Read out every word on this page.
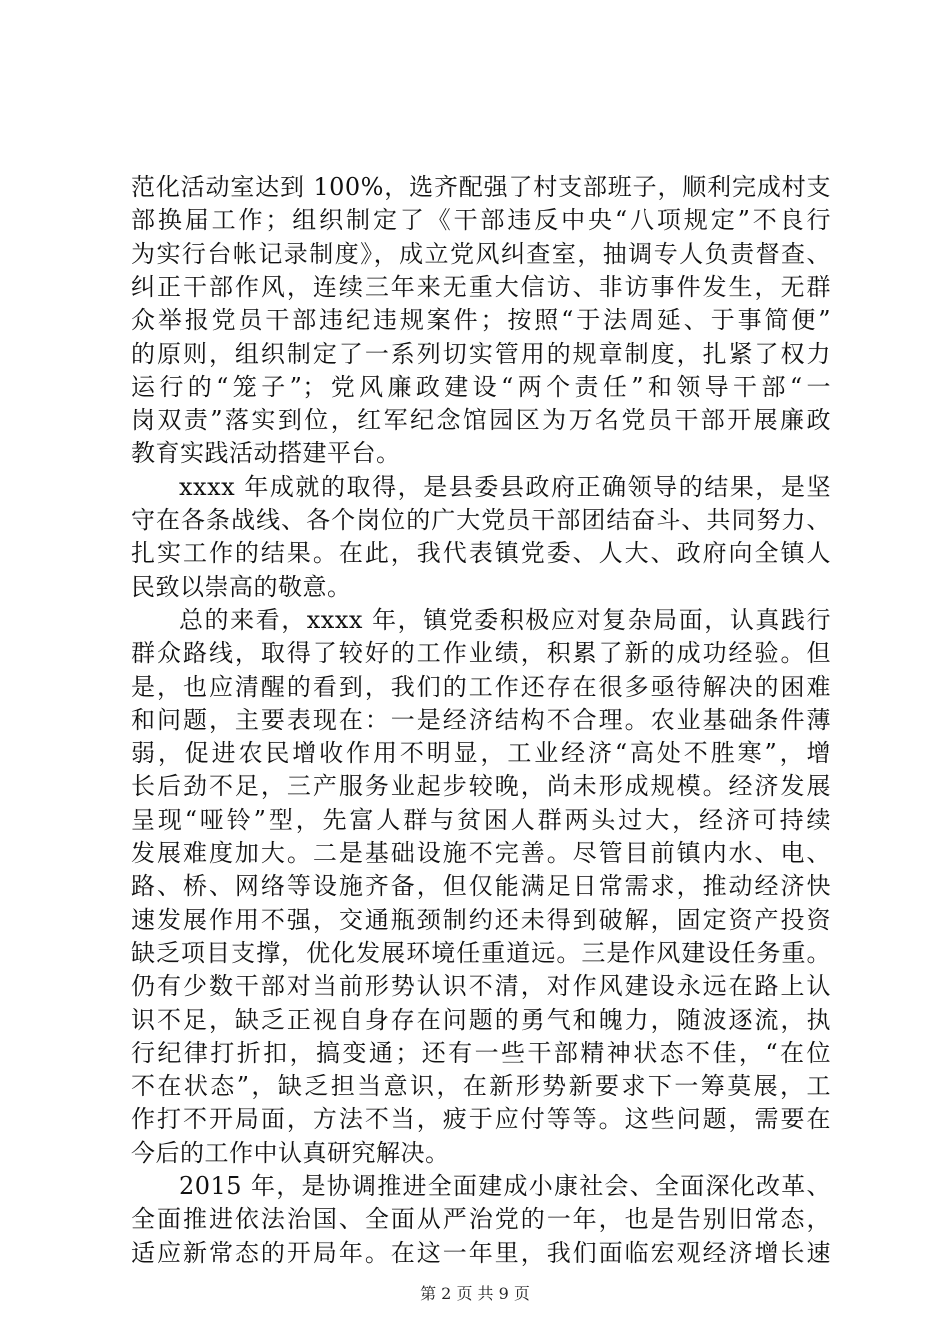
范化活动室达到 100%，选齐配强了村支部班子，顺利完成村支
部换届工作；组织制定了《干部违反中央“八项规定”不良行
为实行台帐记录制度》，成立党风纠查室，抽调专人负责督查、
纠正干部作风，连续三年来无重大信访、非访事件发生，无群
众举报党员干部违纪违规案件；按照“于法周延、于事简便”
的原则，组织制定了一系列切实管用的规章制度，扎紧了权力
运行的“笼子”；党风廉政建设“两个责任”和领导干部“一
岗双责”落实到位，红军纪念馆园区为万名党员干部开展廉政
教育实践活动搭建平台。
xxxx 年成就的取得，是县委县政府正确领导的结果，是坚
守在各条战线、各个岗位的广大党员干部团结奋斗、共同努力、
扎实工作的结果。在此，我代表镇党委、人大、政府向全镇人
民致以崇高的敬意。
总的来看，xxxx 年，镇党委积极应对复杂局面，认真践行
群众路线，取得了较好的工作业绩，积累了新的成功经验。但
是，也应清醒的看到，我们的工作还存在很多亟待解决的困难
和问题，主要表现在：一是经济结构不合理。农业基础条件薄
弱，促进农民增收作用不明显，工业经济“高处不胜寒”，增
长后劲不足，三产服务业起步较晚，尚未形成规模。经济发展
呈现“哑铃”型，先富人群与贫困人群两头过大，经济可持续
发展难度加大。二是基础设施不完善。尽管目前镇内水、电、
路、桥、网络等设施齐备，但仅能满足日常需求，推动经济快
速发展作用不强，交通瓶颈制约还未得到破解，固定资产投资
缺乏项目支撑，优化发展环境任重道远。三是作风建设任务重。
仍有少数干部对当前形势认识不清，对作风建设永远在路上认
识不足，缺乏正视自身存在问题的勇气和魄力，随波逐流，执
行纪律打折扣，搞变通；还有一些干部精神状态不佳，“在位
不在状态”，缺乏担当意识，在新形势新要求下一筹莫展，工
作打不开局面，方法不当，疲于应付等等。这些问题，需要在
今后的工作中认真研究解决。
2015 年，是协调推进全面建成小康社会、全面深化改革、
全面推进依法治国、全面从严治党的一年，也是告别旧常态，
适应新常态的开局年。在这一年里，我们面临宏观经济增长速
第 2 页 共 9 页
